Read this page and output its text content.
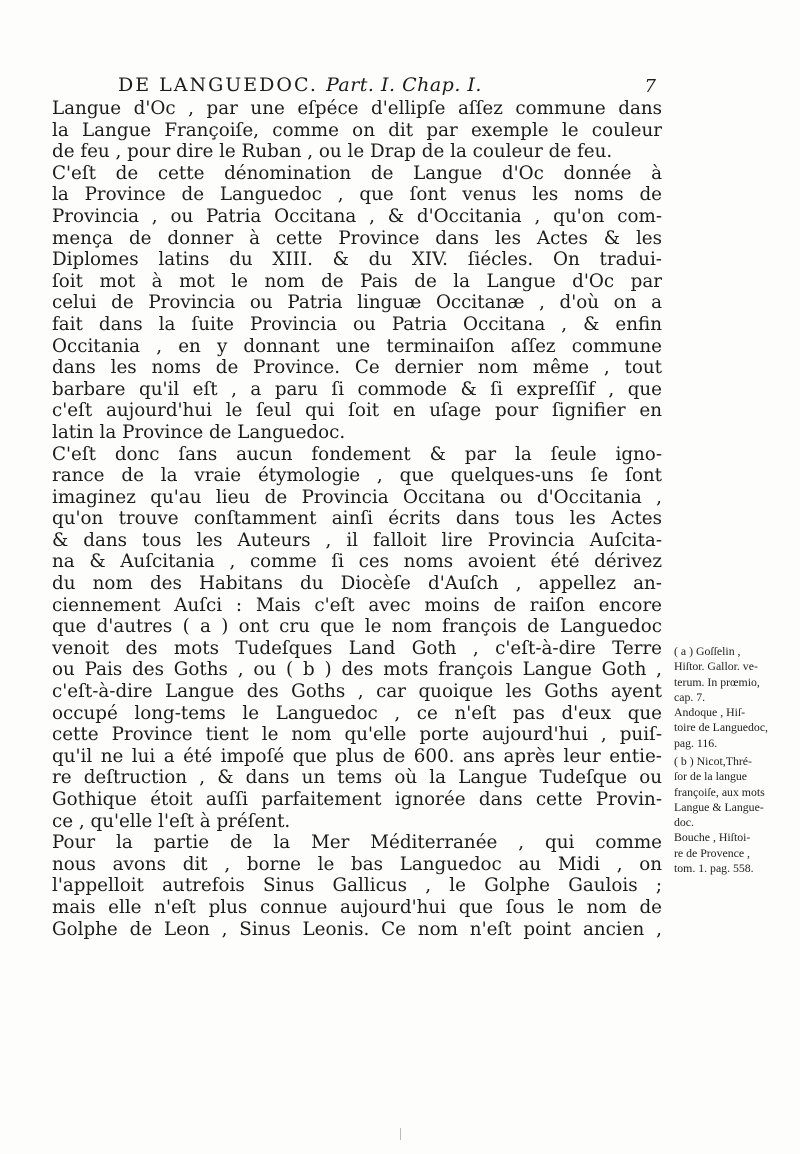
DE LANGUEDOC. Part. I. Chap. I.	7
Langue d'Oc , par une eſpéce d'ellipſe aſſez commune dans
la Langue Françoiſe, comme on dit par exemple le couleur
de feu , pour dire le Ruban , ou le Drap de la couleur de feu.
C'eſt de cette dénomination de Langue d'Oc donnée à
la Province de Languedoc , que ſont venus les noms de
Provincia , ou Patria Occitana , & d'Occitania , qu'on com-
mença de donner à cette Province dans les Actes & les
Diplomes latins du XIII. & du XIV. ſiécles. On tradui-
ſoit mot à mot le nom de Pais de la Langue d'Oc par
celui de Provincia ou Patria linguæ Occitanæ , d'où on a
fait dans la ſuite Provincia ou Patria Occitana , & enfin
Occitania , en y donnant une terminaiſon aſſez commune
dans les noms de Province. Ce dernier nom même , tout
barbare qu'il eſt , a paru ſi commode & ſi expreſſif , que
c'eſt aujourd'hui le ſeul qui ſoit en uſage pour ſignifier en
latin la Province de Languedoc.
C'eſt donc ſans aucun fondement & par la ſeule igno-
rance de la vraie étymologie , que quelques-uns ſe ſont
imaginez qu'au lieu de Provincia Occitana ou d'Occitania ,
qu'on trouve conſtamment ainſi écrits dans tous les Actes
& dans tous les Auteurs , il falloit lire Provincia Auſcita-
na & Auſcitania , comme ſi ces noms avoient été dérivez
du nom des Habitans du Diocèſe d'Auſch , appellez an-
ciennement Auſci : Mais c'eſt avec moins de raiſon encore
que d'autres ( a ) ont cru que le nom françois de Languedoc
venoit des mots Tudeſques Land Goth , c'eſt-à-dire Terre
ou Pais des Goths , ou ( b ) des mots françois Langue Goth ,
c'eſt-à-dire Langue des Goths , car quoique les Goths ayent
occupé long-tems le Languedoc , ce n'eſt pas d'eux que
cette Province tient le nom qu'elle porte aujourd'hui , puiſ-
qu'il ne lui a été impoſé que plus de 600. ans après leur entie-
re deſtruction , & dans un tems où la Langue Tudeſque ou
Gothique étoit auſſi parfaitement ignorée dans cette Provin-
ce , qu'elle l'eſt à préſent.
Pour la partie de la Mer Méditerranée , qui comme
nous avons dit , borne le bas Languedoc au Midi , on
l'appelloit autrefois Sinus Gallicus , le Golphe Gaulois ;
mais elle n'eſt plus connue aujourd'hui que ſous le nom de
Golphe de Leon , Sinus Leonis. Ce nom n'eſt point ancien ,
( a ) Goſſelin ,
Hiſtor. Gallor. ve-
terum. In prœmio,
cap. 7.
Andoque , Hiſ-
toire de Languedoc,
pag. 116.
( b ) Nicot,Thré-
ſor de la langue
françoiſe, aux mots
Langue & Langue-
doc.
Bouche , Hiſtoi-
re de Provence ,
tom. 1. pag. 558.
